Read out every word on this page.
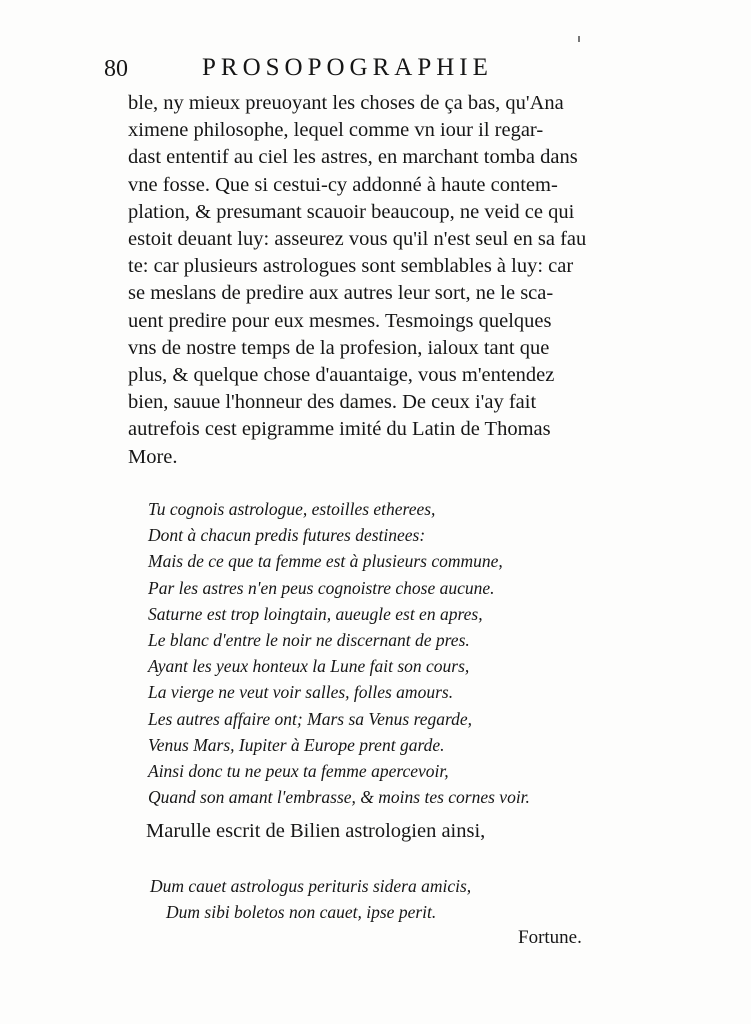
80	PROSOPOGRAPHIE
ble, ny mieux preuoyant les choses de ça bas, qu'Ana
ximene philosophe, lequel comme vn iour il regar-
dast ententif au ciel les astres, en marchant tomba dans
vne fosse. Que si cestui-cy addonné à haute contem-
plation, & presumant scauoir beaucoup, ne veid ce qui
estoit deuant luy: asseurez vous qu'il n'est seul en sa fau
te: car plusieurs astrologues sont semblables à luy: car
se meslans de predire aux autres leur sort, ne le sca-
uent predire pour eux mesmes. Tesmoings quelques
vns de nostre temps de la profesion, ialoux tant que
plus, & quelque chose d'auantaige, vous m'entendez
bien, sauue l'honneur des dames. De ceux i'ay fait
autrefois cest epigramme imité du Latin de Thomas
More.
Tu cognois astrologue, estoilles etherees,
Dont à chacun predis futures destinees:
Mais de ce que ta femme est à plusieurs commune,
Par les astres n'en peus cognoistre chose aucune.
Saturne est trop loingtain, aueugle est en apres,
Le blanc d'entre le noir ne discernant de pres.
Ayant les yeux honteux la Lune fait son cours,
La vierge ne veut voir salles, folles amours.
Les autres affaire ont; Mars sa Venus regarde,
Venus Mars, Iupiter à Europe prent garde.
Ainsi donc tu ne peux ta femme apercevoir,
Quand son amant l'embrasse, & moins tes cornes voir.
Marulle escrit de Bilien astrologien ainsi,
Dum cauet astrologus perituris sidera amicis,
Dum sibi boletos non cauet, ipse perit.
Fortune.
